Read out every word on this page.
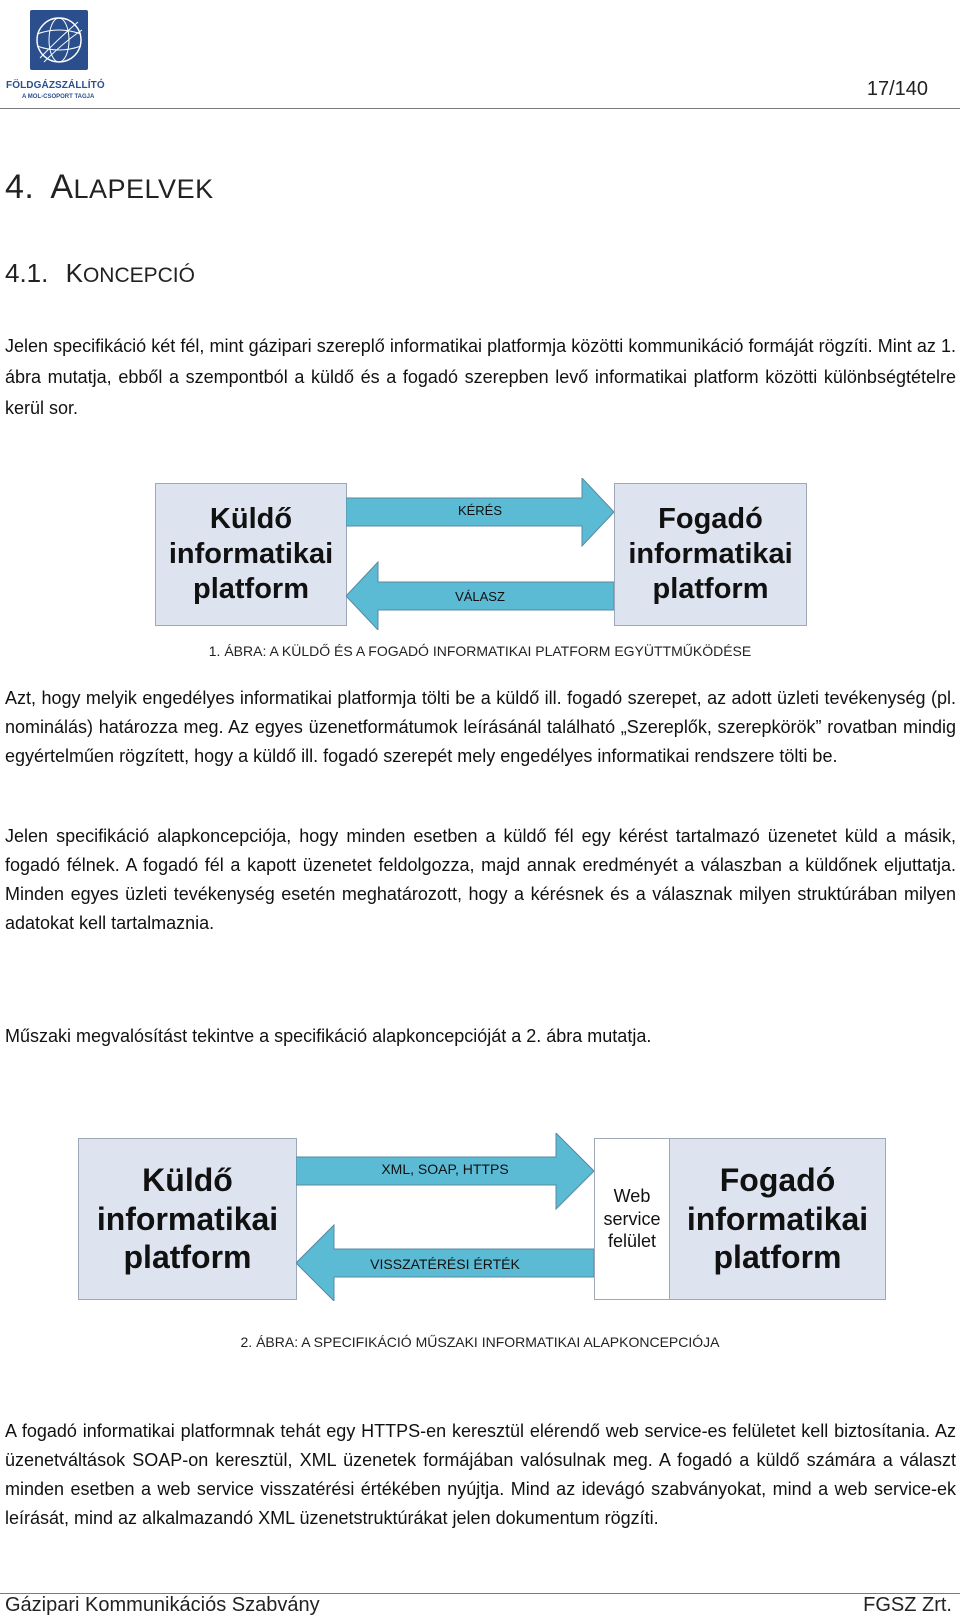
FÖLDGÁZSZÁLLÍTÓ
A MOL-CSOPORT TAGJA	17/140
4. ALAPELVEK
4.1. KONCEPCIÓ
Jelen specifikáció két fél, mint gázipari szereplő informatikai platformja közötti kommunikáció formáját rögzíti. Mint az 1. ábra mutatja, ebből a szempontból a küldő és a fogadó szerepben levő informatikai platform közötti különbségtételre kerül sor.
Küldő
informatikai
platform
KÉRÉS
VÁLASZ
Fogadó
informatikai
platform
1. ÁBRA: A KÜLDŐ ÉS A FOGADÓ INFORMATIKAI PLATFORM EGYÜTTMŰKÖDÉSE
Azt, hogy melyik engedélyes informatikai platformja tölti be a küldő ill. fogadó szerepet, az adott üzleti tevékenység (pl. nominálás) határozza meg. Az egyes üzenetformátumok leírásánál található „Szereplők, szerepkörök” rovatban mindig egyértelműen rögzített, hogy a küldő ill. fogadó szerepét mely engedélyes informatikai rendszere tölti be.
Jelen specifikáció alapkoncepciója, hogy minden esetben a küldő fél egy kérést tartalmazó üzenetet küld a másik, fogadó félnek. A fogadó fél a kapott üzenetet feldolgozza, majd annak eredményét a válaszban a küldőnek eljuttatja. Minden egyes üzleti tevékenység esetén meghatározott, hogy a kérésnek és a válasznak milyen struktúrában milyen adatokat kell tartalmaznia.
Műszaki megvalósítást tekintve a specifikáció alapkoncepcióját a 2. ábra mutatja.
Küldő
informatikai
platform
XML, SOAP, HTTPS
VISSZATÉRÉSI ÉRTÉK
Web
service
felület
Fogadó
informatikai
platform
2. ÁBRA: A SPECIFIKÁCIÓ MŰSZAKI INFORMATIKAI ALAPKONCEPCIÓJA
A fogadó informatikai platformnak tehát egy HTTPS-en keresztül elérendő web service-es felületet kell biztosítania. Az üzenetváltások SOAP-on keresztül, XML üzenetek formájában valósulnak meg. A fogadó a küldő számára a választ minden esetben a web service visszatérési értékében nyújtja. Mind az idevágó szabványokat, mind a web service-ek leírását, mind az alkalmazandó XML üzenetstruktúrákat jelen dokumentum rögzíti.
Gázipari Kommunikációs Szabvány	FGSZ Zrt.
